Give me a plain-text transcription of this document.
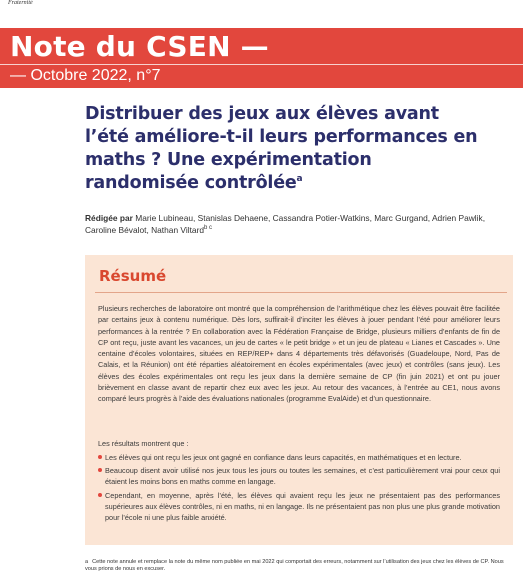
Fraternité
Note du CSEN —
— Octobre 2022, n°7
Distribuer des jeux aux élèves avant l’été améliore-t-il leurs performances en maths ? Une expérimentation randomisée contrôlée$^a$
Rédigée par Marie Lubineau, Stanislas Dehaene, Cassandra Potier-Watkins, Marc Gurgand, Adrien Pawlik, Caroline Bévalot, Nathan Viltard$^{b c}$
Résumé

Plusieurs recherches de laboratoire ont montré que la compréhension de l’arithmétique chez les élèves pouvait être facilitée par certains jeux à contenu numérique. Dès lors, suffirait-il d’inciter les élèves à jouer pendant l’été pour améliorer leurs performances à la rentrée ? En collaboration avec la Fédération Française de Bridge, plusieurs milliers d’enfants de fin de CP ont reçu, juste avant les vacances, un jeu de cartes « le petit bridge » et un jeu de plateau « Lianes et Cascades ». Une centaine d’écoles volontaires, situées en REP/REP+ dans 4 départements très défavorisés (Guadeloupe, Nord, Pas de Calais, et la Réunion) ont été réparties aléatoirement en écoles expérimentales (avec jeux) et contrôles (sans jeux). Les élèves des écoles expérimentales ont reçu les jeux dans la dernière semaine de CP (fin juin 2021) et ont pu jouer brièvement en classe avant de repartir chez eux avec les jeux. Au retour des vacances, à l’entrée au CE1, nous avons comparé leurs progrès à l’aide des évaluations nationales (programme EvalAide) et d’un questionnaire.

Les résultats montrent que :

Les élèves qui ont reçu les jeux ont gagné en confiance dans leurs capacités, en mathématiques et en lecture.
Beaucoup disent avoir utilisé nos jeux tous les jours ou toutes les semaines, et c’est particulièrement vrai pour ceux qui étaient les moins bons en maths comme en langage.
Cependant, en moyenne, après l’été, les élèves qui avaient reçu les jeux ne présentaient pas des performances supérieures aux élèves contrôles, ni en maths, ni en langage. Ils ne présentaient pas non plus une plus grande motivation pour l’école ni une plus faible anxiété.
a Cette note annule et remplace la note du même nom publiée en mai 2022 qui comportait des erreurs, notamment sur l’utilisation des jeux chez les élèves de CP. Nous vous prions de nous en excuser.
